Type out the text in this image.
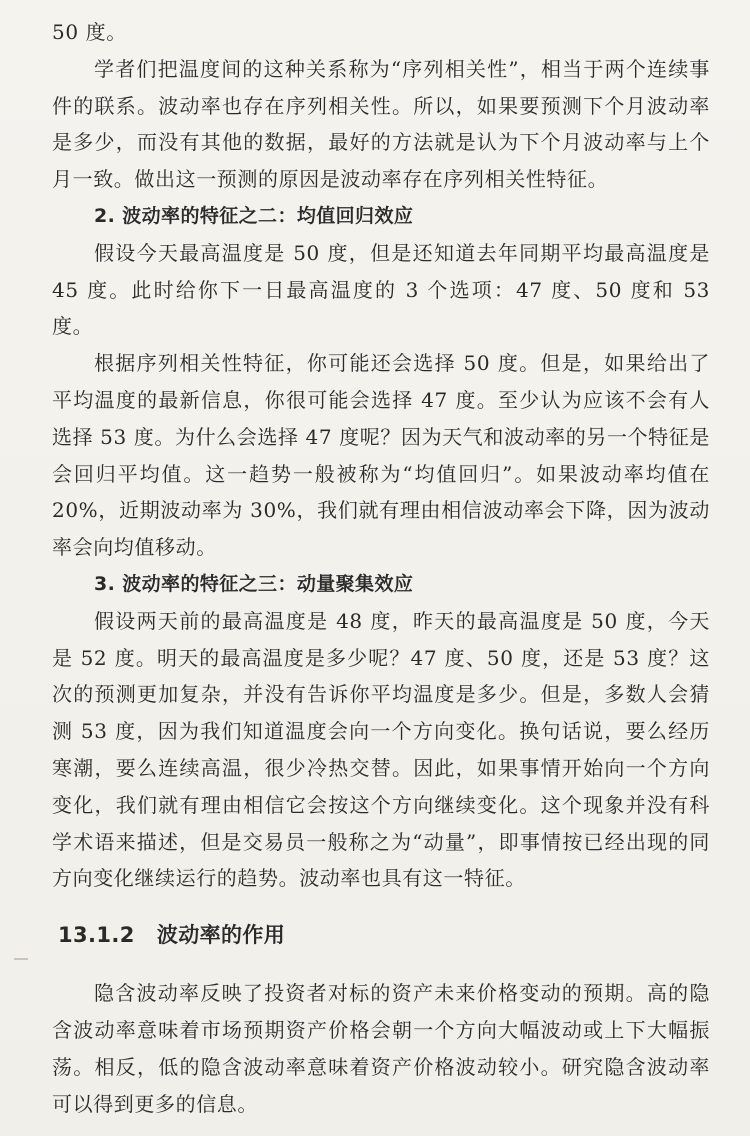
50 度。

学者们把温度间的这种关系称为“序列相关性”，相当于两个连续事件的联系。波动率也存在序列相关性。所以，如果要预测下个月波动率是多少，而没有其他的数据，最好的方法就是认为下个月波动率与上个月一致。做出这一预测的原因是波动率存在序列相关性特征。

2. 波动率的特征之二：均值回归效应

假设今天最高温度是 50 度，但是还知道去年同期平均最高温度是 45 度。此时给你下一日最高温度的 3 个选项：47 度、50 度和 53 度。

根据序列相关性特征，你可能还会选择 50 度。但是，如果给出了平均温度的最新信息，你很可能会选择 47 度。至少认为应该不会有人选择 53 度。为什么会选择 47 度呢？因为天气和波动率的另一个特征是会回归平均值。这一趋势一般被称为“均值回归”。如果波动率均值在 20%，近期波动率为 30%，我们就有理由相信波动率会下降，因为波动率会向均值移动。

3. 波动率的特征之三：动量聚集效应

假设两天前的最高温度是 48 度，昨天的最高温度是 50 度，今天是 52 度。明天的最高温度是多少呢？47 度、50 度，还是 53 度？这次的预测更加复杂，并没有告诉你平均温度是多少。但是，多数人会猜测 53 度，因为我们知道温度会向一个方向变化。换句话说，要么经历寒潮，要么连续高温，很少冷热交替。因此，如果事情开始向一个方向变化，我们就有理由相信它会按这个方向继续变化。这个现象并没有科学术语来描述，但是交易员一般称之为“动量”，即事情按已经出现的同方向变化继续运行的趋势。波动率也具有这一特征。

13.1.2 波动率的作用

隐含波动率反映了投资者对标的资产未来价格变动的预期。高的隐含波动率意味着市场预期资产价格会朝一个方向大幅波动或上下大幅振荡。相反，低的隐含波动率意味着资产价格波动较小。研究隐含波动率可以得到更多的信息。
